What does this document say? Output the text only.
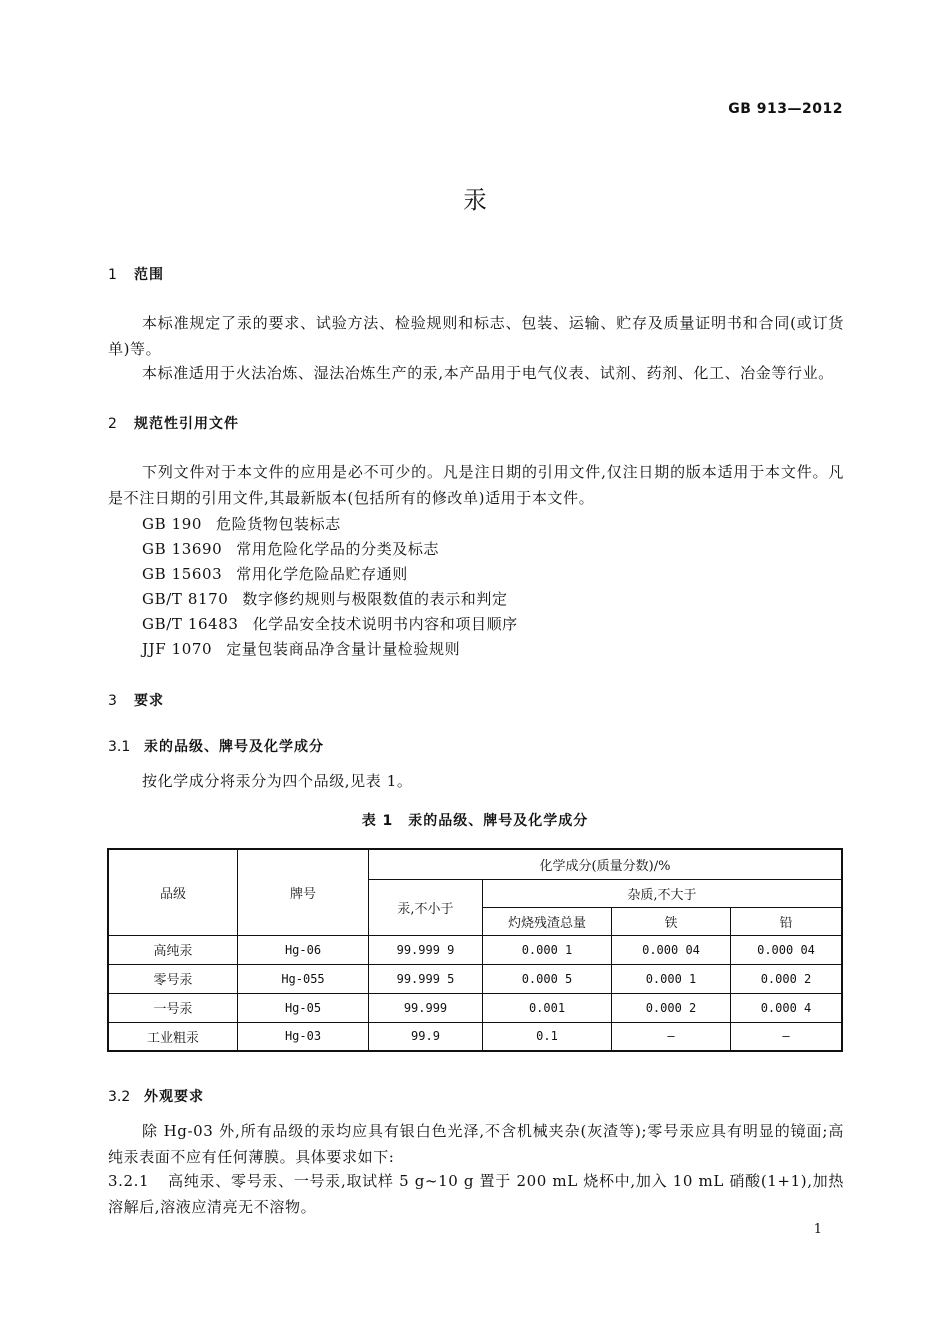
GB 913—2012
汞
1 范围
本标准规定了汞的要求、试验方法、检验规则和标志、包装、运输、贮存及质量证明书和合同(或订货单)等。
本标准适用于火法冶炼、湿法冶炼生产的汞,本产品用于电气仪表、试剂、药剂、化工、冶金等行业。
2 规范性引用文件
下列文件对于本文件的应用是必不可少的。凡是注日期的引用文件,仅注日期的版本适用于本文件。凡是不注日期的引用文件,其最新版本(包括所有的修改单)适用于本文件。
GB 190 危险货物包装标志
GB 13690 常用危险化学品的分类及标志
GB 15603 常用化学危险品贮存通则
GB/T 8170 数字修约规则与极限数值的表示和判定
GB/T 16483 化学品安全技术说明书内容和项目顺序
JJF 1070 定量包装商品净含量计量检验规则
3 要求
3.1 汞的品级、牌号及化学成分
按化学成分将汞分为四个品级,见表 1。
表 1　汞的品级、牌号及化学成分
品级	牌号	化学成分(质量分数)/%			
		汞,不小于	杂质,不大于		
			灼烧残渣总量	铁	铅
高纯汞	Hg-06	99.999 9	0.000 1	0.000 04	0.000 04
零号汞	Hg-055	99.999 5	0.000 5	0.000 1	0.000 2
一号汞	Hg-05	99.999	0.001	0.000 2	0.000 4
工业粗汞	Hg-03	99.9	0.1	—	—
3.2 外观要求
除 Hg-03 外,所有品级的汞均应具有银白色光泽,不含机械夹杂(灰渣等);零号汞应具有明显的镜面;高纯汞表面不应有任何薄膜。具体要求如下:
3.2.1 高纯汞、零号汞、一号汞,取试样 5 g~10 g 置于 200 mL 烧杯中,加入 10 mL 硝酸(1+1),加热溶解后,溶液应清亮无不溶物。
1
